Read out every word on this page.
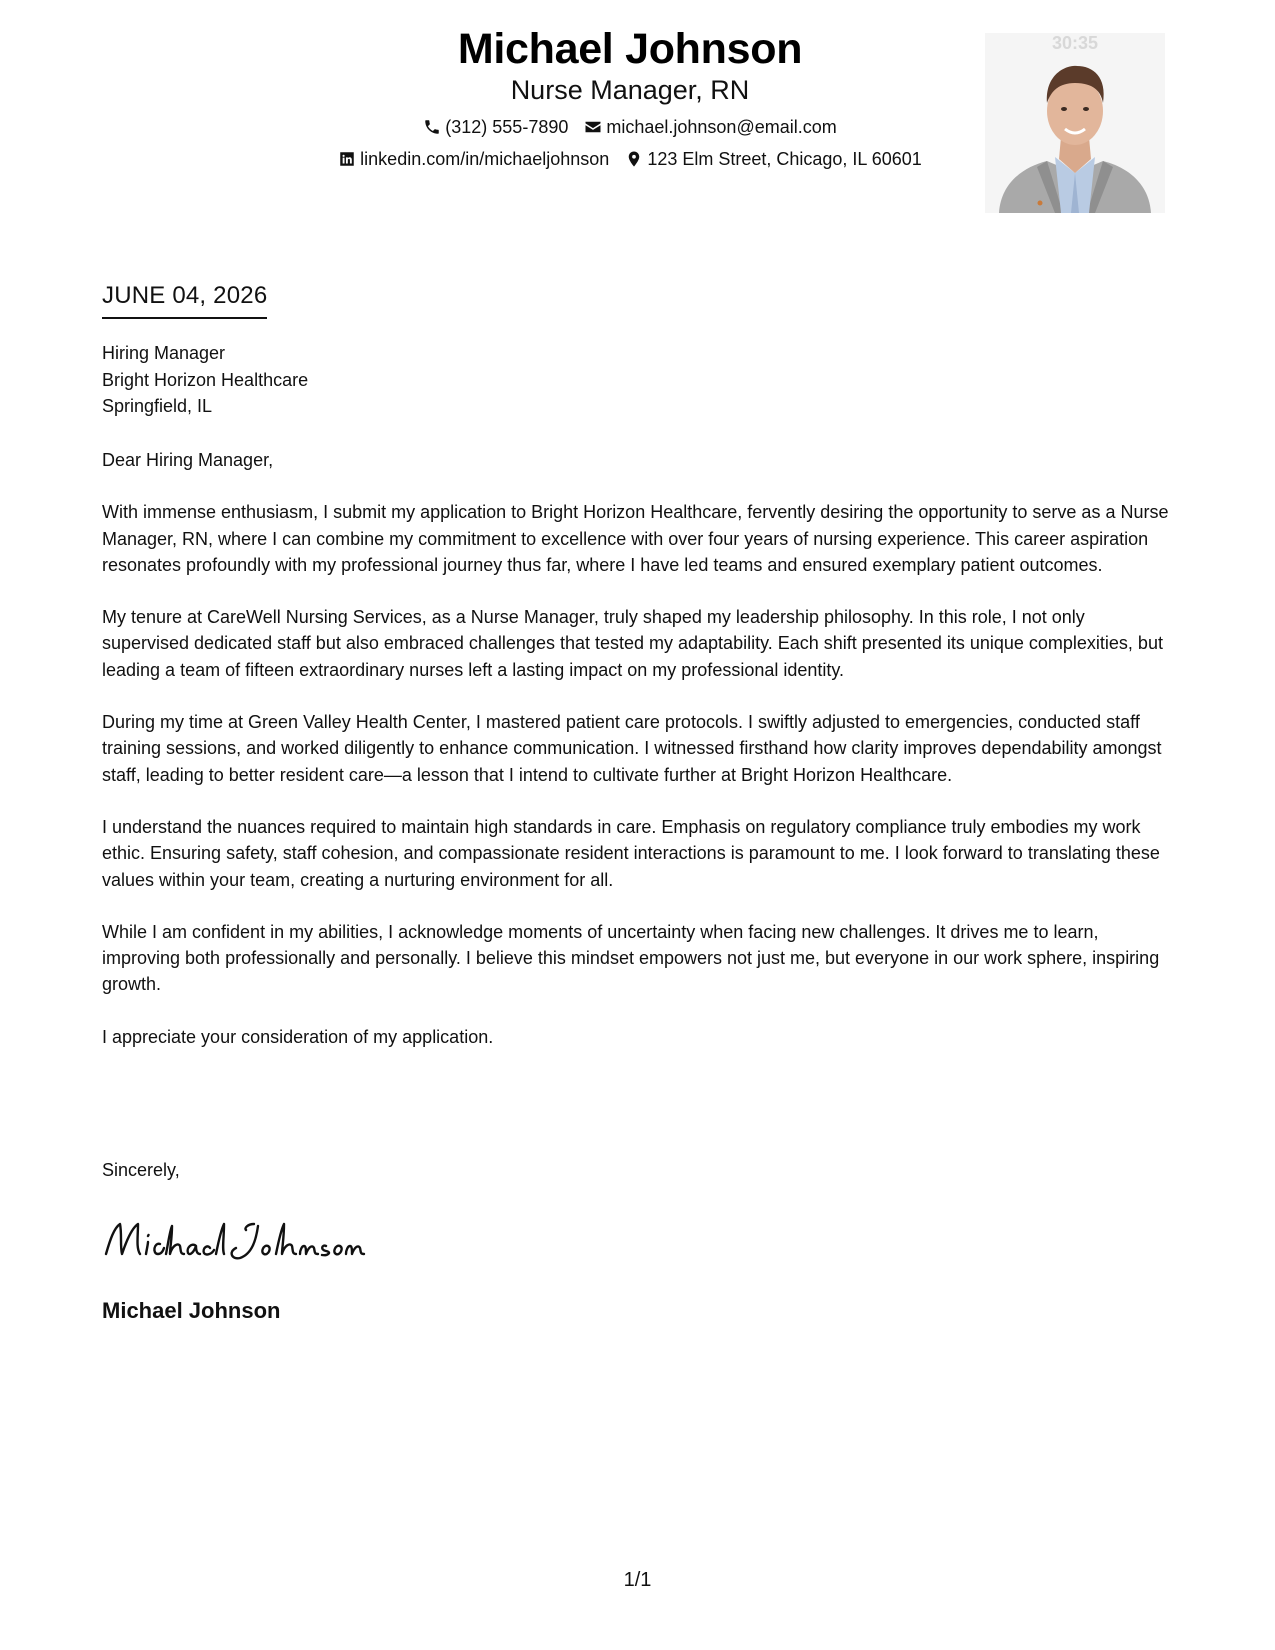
Michael Johnson
Nurse Manager, RN
(312) 555-7890 michael.johnson@email.com
linkedin.com/in/michaeljohnson 123 Elm Street, Chicago, IL 60601
30:35
JUNE 04, 2026
Hiring Manager
Bright Horizon Healthcare
Springfield, IL

Dear Hiring Manager,

With immense enthusiasm, I submit my application to Bright Horizon Healthcare, fervently desiring the opportunity to serve as a Nurse Manager, RN, where I can combine my commitment to excellence with over four years of nursing experience. This career aspiration resonates profoundly with my professional journey thus far, where I have led teams and ensured exemplary patient outcomes.

My tenure at CareWell Nursing Services, as a Nurse Manager, truly shaped my leadership philosophy. In this role, I not only supervised dedicated staff but also embraced challenges that tested my adaptability. Each shift presented its unique complexities, but leading a team of fifteen extraordinary nurses left a lasting impact on my professional identity.

During my time at Green Valley Health Center, I mastered patient care protocols. I swiftly adjusted to emergencies, conducted staff training sessions, and worked diligently to enhance communication. I witnessed firsthand how clarity improves dependability amongst staff, leading to better resident care—a lesson that I intend to cultivate further at Bright Horizon Healthcare.

I understand the nuances required to maintain high standards in care. Emphasis on regulatory compliance truly embodies my work ethic. Ensuring safety, staff cohesion, and compassionate resident interactions is paramount to me. I look forward to translating these values within your team, creating a nurturing environment for all.

While I am confident in my abilities, I acknowledge moments of uncertainty when facing new challenges. It drives me to learn, improving both professionally and personally. I believe this mindset empowers not just me, but everyone in our work sphere, inspiring growth.

I appreciate your consideration of my application.

Sincerely,
Michael Johnson
1/1
